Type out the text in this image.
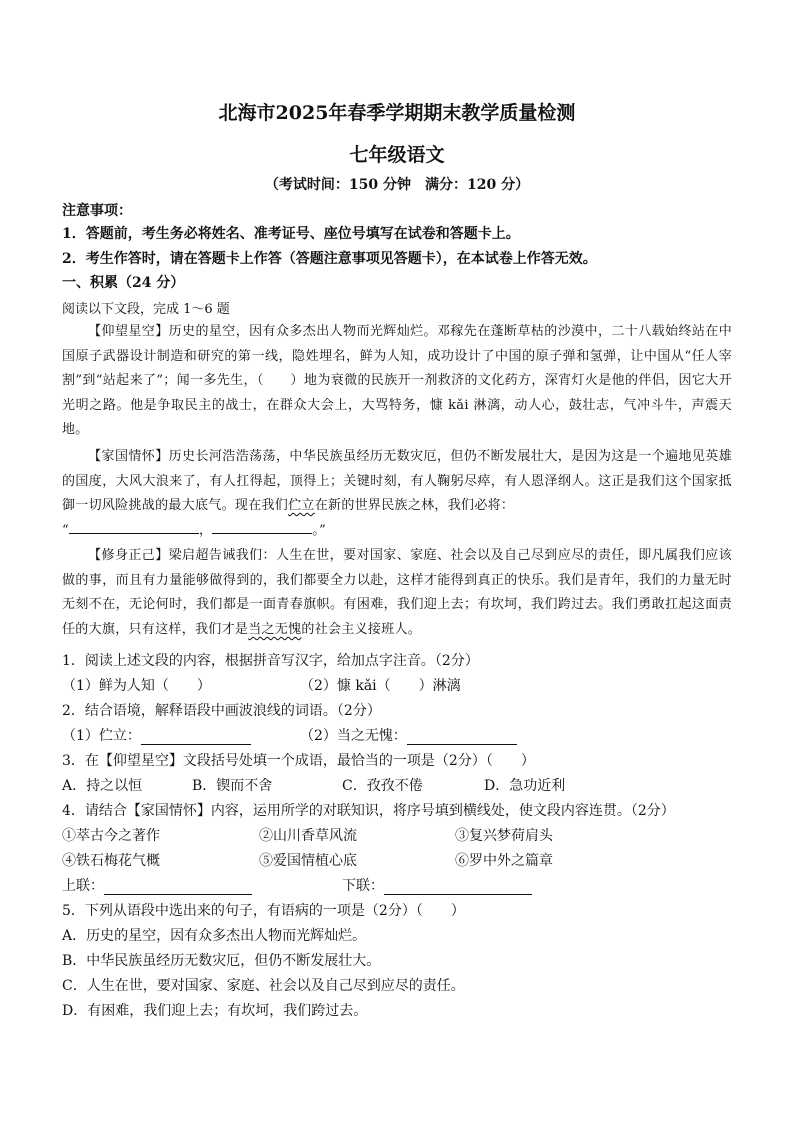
北海市2025年春季学期期末教学质量检测
七年级语文
（考试时间：150 分钟　满分：120 分）
注意事项：
1．答题前，考生务必将姓名、准考证号、座位号填写在试卷和答题卡上。
2．考生作答时，请在答题卡上作答（答题注意事项见答题卡），在本试卷上作答无效。
一、积累（24 分）
阅读以下文段，完成 1～6 题
【仰望星空】历史的星空，因有众多杰出人物而光辉灿烂。邓稼先在蓬断草枯的沙漠中，二十八载始终站在中国原子武器设计制造和研究的第一线，隐姓埋名，鲜为人知，成功设计了中国的原子弹和氢弹，让中国从“任人宰割”到“站起来了”；闻一多先生，（　　）地为衰微的民族开一剂救济的文化药方，深宵灯火是他的伴侣，因它大开光明之路。他是争取民主的战士，在群众大会上，大骂特务，慷 kǎi 淋漓，动人心，鼓壮志，气冲斗牛，声震天地。
【家国情怀】历史长河浩浩荡荡，中华民族虽经历无数灾厄，但仍不断发展壮大，是因为这是一个遍地见英雄的国度，大风大浪来了，有人扛得起，顶得上；关键时刻，有人鞠躬尽瘁，有人恩泽纲人。这正是我们这个国家抵御一切风险挑战的最大底气。现在我们伫立在新的世界民族之林，我们必将：
“	，	。”
【修身正己】梁启超告诫我们：人生在世，要对国家、家庭、社会以及自己尽到应尽的责任，即凡属我们应该做的事，而且有力量能够做得到的，我们都要全力以赴，这样才能得到真正的快乐。我们是青年，我们的力量无时无刻不在，无论何时，我们都是一面青春旗帜。有困难，我们迎上去；有坎坷，我们跨过去。我们勇敢扛起这面责任的大旗，只有这样，我们才是当之无愧的社会主义接班人。
1．阅读上述文段的内容，根据拼音写汉字，给加点字注音。（2分）
（1）鲜为人知（　　）	（2）慷 kǎi（　　）淋漓
2．结合语境，解释语段中画波浪线的词语。（2分）
（1）伫立：	（2）当之无愧：
3．在【仰望星空】文段括号处填一个成语，最恰当的一项是（2分）（　　）
A．持之以恒	B．锲而不舍	C．孜孜不倦	D．急功近利
4．请结合【家国情怀】内容，运用所学的对联知识，将序号填到横线处，使文段内容连贯。（2分）
①萃古今之著作	②山川香草风流	③复兴梦荷肩头
④铁石梅花气概	⑤爱国情植心底	⑥罗中外之篇章
上联：	下联：
5．下列从语段中选出来的句子，有语病的一项是（2分）（　　）
A．历史的星空，因有众多杰出人物而光辉灿烂。
B．中华民族虽经历无数灾厄，但仍不断发展壮大。
C．人生在世，要对国家、家庭、社会以及自己尽到应尽的责任。
D．有困难，我们迎上去；有坎坷，我们跨过去。
